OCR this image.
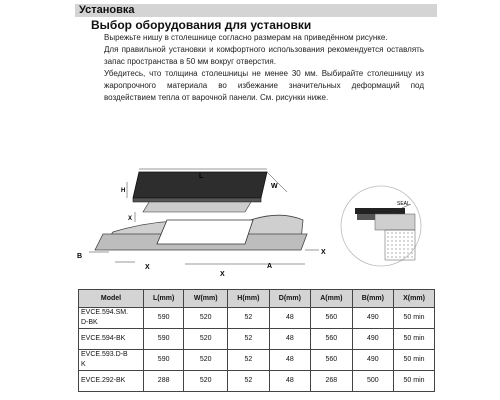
Установка
Выбор оборудования для установки

Вырежьте нишу в столешнице согласно размерам на приведённом рисунке.

Для правильной установки и комфортного использования рекомендуется оставлять запас пространства в 50 мм вокруг отверстия.

Убедитесь, что толщина столешницы не менее 30 мм. Выбирайте столешницу из жаропрочного материала во избежание значительных деформаций под воздействием тепла от варочной панели. См. рисунки ниже.

L
W
H
X
B
X
X
A
X
SEAL
Model	L(mm)	W(mm)	H(mm)	D(mm)	A(mm)	B(mm)	X(mm)
EVCE.594.SM.
D-BK	590	520	52	48	560	490	50 min
EVCE.594-BK	590	520	52	48	560	490	50 min
EVCE.593.D-B
K	590	520	52	48	560	490	50 min
EVCE.292-BK	288	520	52	48	268	500	50 min
